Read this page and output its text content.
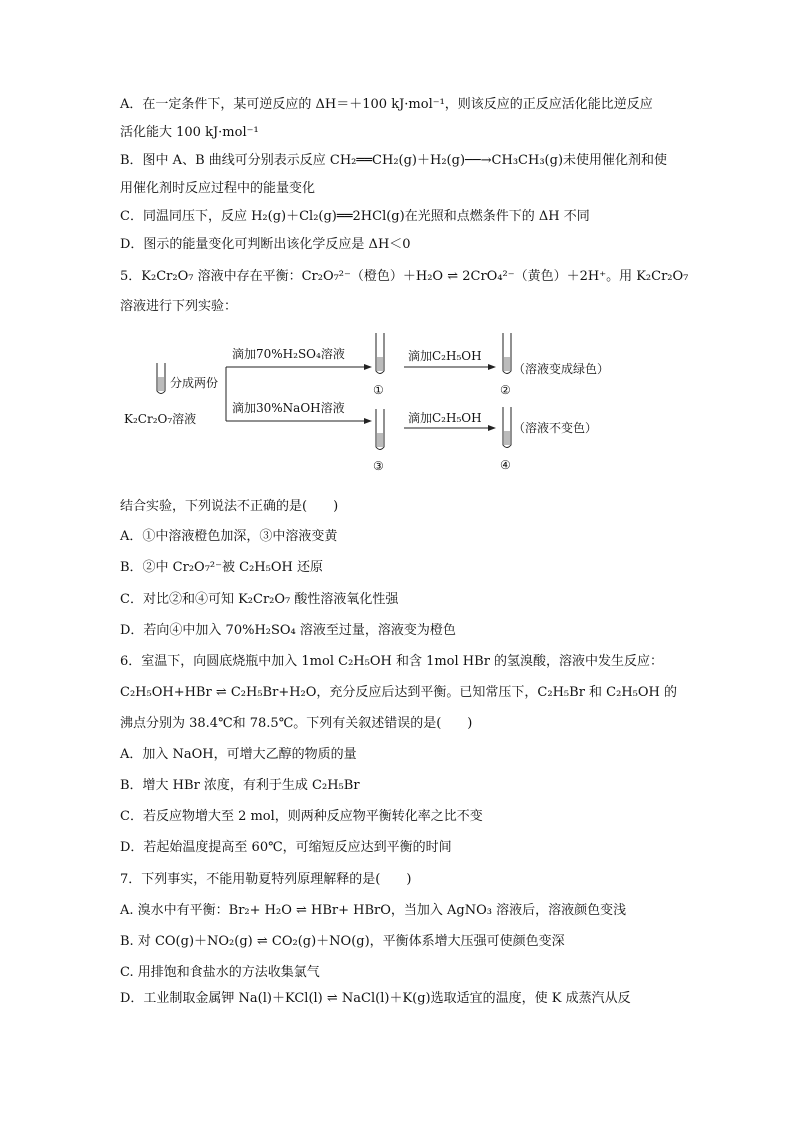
A．在一定条件下，某可逆反应的 ΔH＝＋100 kJ·mol⁻¹，则该反应的正反应活化能比逆反应
活化能大 100 kJ·mol⁻¹
B．图中 A、B 曲线可分别表示反应 CH₂══CH₂(g)＋H₂(g)──→CH₃CH₃(g)未使用催化剂和使
用催化剂时反应过程中的能量变化
C．同温同压下，反应 H₂(g)＋Cl₂(g)══2HCl(g)在光照和点燃条件下的 ΔH 不同
D．图示的能量变化可判断出该化学反应是 ΔH＜0
5．K₂Cr₂O₇ 溶液中存在平衡：Cr₂O₇²⁻（橙色）＋H₂O ⇌ 2CrO₄²⁻（黄色）＋2H⁺。用 K₂Cr₂O₇
溶液进行下列实验：
K₂Cr₂O₇溶液
分成两份
滴加70%H₂SO₄溶液
滴加30%NaOH溶液
滴加C₂H₅OH
滴加C₂H₅OH
①	②
③	④
（溶液变成绿色）
（溶液不变色）
结合实验，下列说法不正确的是(　　)
A．①中溶液橙色加深，③中溶液变黄
B．②中 Cr₂O₇²⁻被 C₂H₅OH 还原
C．对比②和④可知 K₂Cr₂O₇ 酸性溶液氧化性强
D．若向④中加入 70%H₂SO₄ 溶液至过量，溶液变为橙色
6．室温下，向圆底烧瓶中加入 1mol C₂H₅OH 和含 1mol HBr 的氢溴酸，溶液中发生反应：
C₂H₅OH+HBr ⇌ C₂H₅Br+H₂O，充分反应后达到平衡。已知常压下，C₂H₅Br 和 C₂H₅OH 的
沸点分别为 38.4℃和 78.5℃。下列有关叙述错误的是(　　)
A．加入 NaOH，可增大乙醇的物质的量
B．增大 HBr 浓度，有利于生成 C₂H₅Br
C．若反应物增大至 2 mol，则两种反应物平衡转化率之比不变
D．若起始温度提高至 60℃，可缩短反应达到平衡的时间
7．下列事实，不能用勒夏特列原理解释的是(　　)
A. 溴水中有平衡：Br₂+ H₂O ⇌ HBr+ HBrO，当加入 AgNO₃ 溶液后，溶液颜色变浅
B. 对 CO(g)＋NO₂(g) ⇌ CO₂(g)＋NO(g)，平衡体系增大压强可使颜色变深
C. 用排饱和食盐水的方法收集氯气
D．工业制取金属钾 Na(l)＋KCl(l) ⇌ NaCl(l)＋K(g)选取适宜的温度，使 K 成蒸汽从反
